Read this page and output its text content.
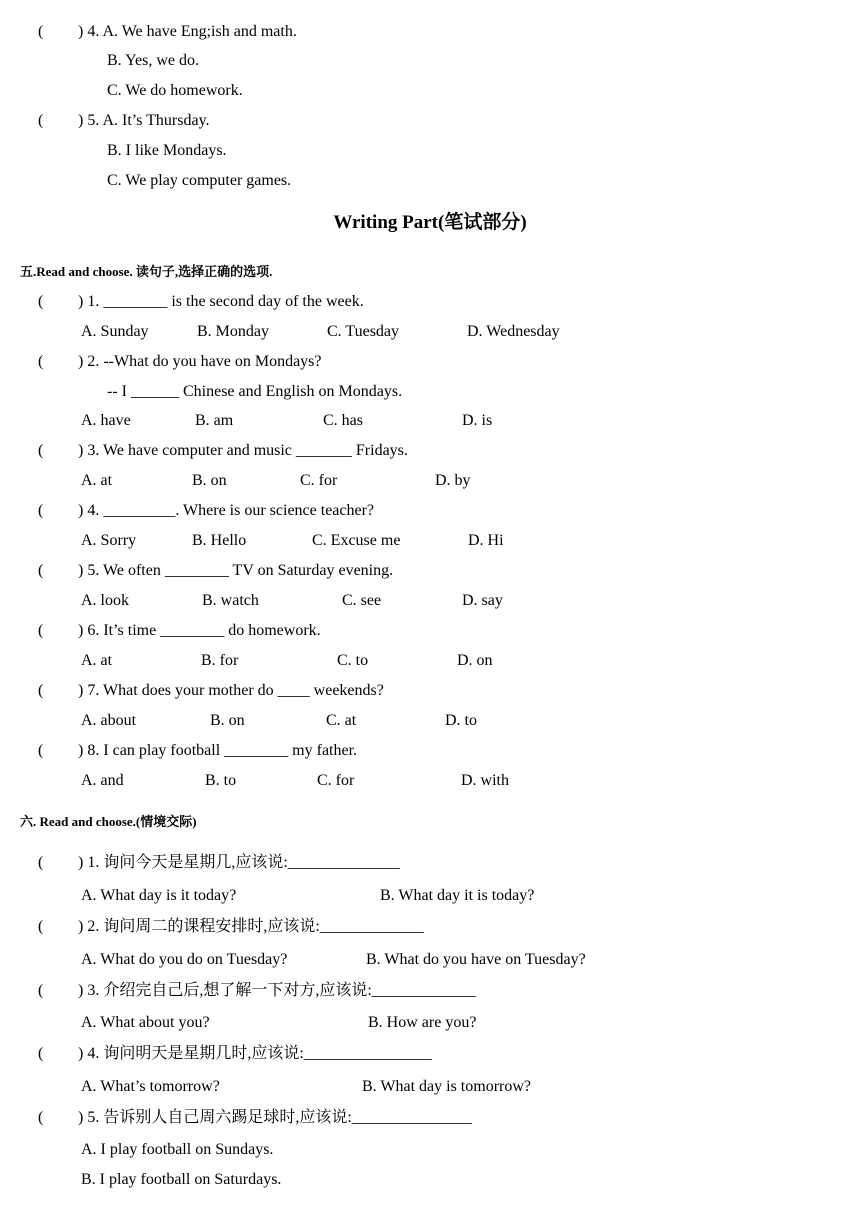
( ) 4. A. We have Eng;ish and math.
B. Yes, we do.
C. We do homework.
( ) 5. A. It’s Thursday.
B. I like Mondays.
C. We play computer games.
Writing Part(笔试部分)
五.Read and choose. 读句子,选择正确的选项.
( ) 1. ________ is the second day of the week.
A. Sunday	B. Monday	C. Tuesday	D. Wednesday
( ) 2. --What do you have on Mondays?
-- I ______ Chinese and English on Mondays.
A. have	B. am	C. has	D. is
( ) 3. We have computer and music _______ Fridays.
A. at	B. on	C. for	D. by
( ) 4. _________. Where is our science teacher?
A. Sorry	B. Hello	C. Excuse me	D. Hi
( ) 5. We often ________ TV on Saturday evening.
A. look	B. watch	C. see	D. say
( ) 6. It’s time ________ do homework.
A. at	B. for	C. to	D. on
( ) 7. What does your mother do ____ weekends?
A. about	B. on	C. at	D. to
( ) 8. I can play football ________ my father.
A. and	B. to	C. for	D. with
六. Read and choose.(情境交际)
( ) 1. 询问今天是星期几,应该说:______________
A. What day is it today?	B. What day it is today?
( ) 2. 询问周二的课程安排时,应该说:_____________
A. What do you do on Tuesday?	B. What do you have on Tuesday?
( ) 3. 介绍完自己后,想了解一下对方,应该说:_____________
A. What about you?	B. How are you?
( ) 4. 询问明天是星期几时,应该说:________________
A. What’s tomorrow?	B. What day is tomorrow?
( ) 5. 告诉别人自己周六踢足球时,应该说:_______________
A. I play football on Sundays.
B. I play football on Saturdays.
